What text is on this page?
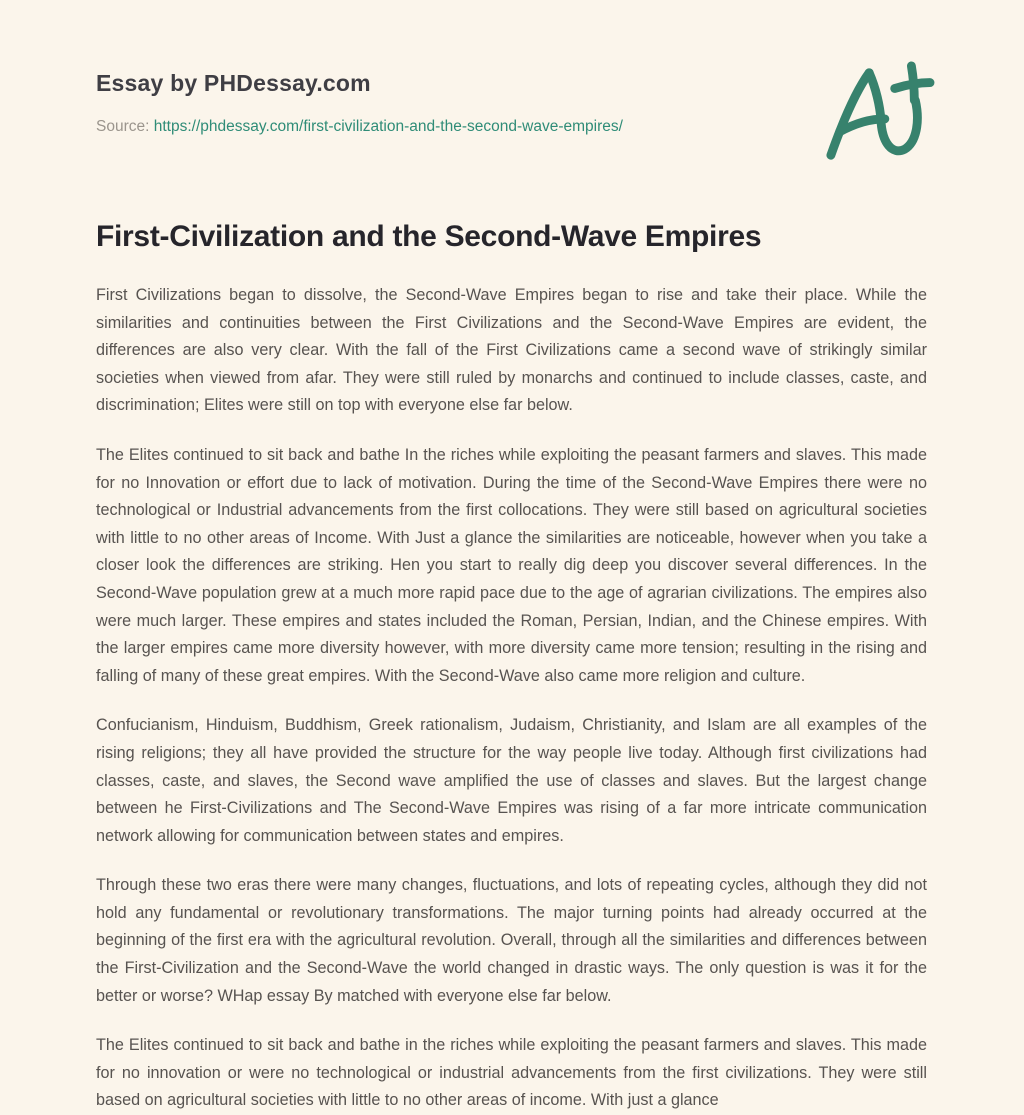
Essay by PHDessay.com
Source: https://phdessay.com/first-civilization-and-the-second-wave-empires/
First-Civilization and the Second-Wave Empires

First Civilizations began to dissolve, the Second-Wave Empires began to rise and take their place. While the similarities and continuities between the First Civilizations and the Second-Wave Empires are evident, the differences are also very clear. With the fall of the First Civilizations came a second wave of strikingly similar societies when viewed from afar. They were still ruled by monarchs and continued to include classes, caste, and discrimination; Elites were still on top with everyone else far below.

The Elites continued to sit back and bathe In the riches while exploiting the peasant farmers and slaves. This made for no Innovation or effort due to lack of motivation. During the time of the Second-Wave Empires there were no technological or Industrial advancements from the first collocations. They were still based on agricultural societies with little to no other areas of Income. With Just a glance the similarities are noticeable, however when you take a closer look the differences are striking. Hen you start to really dig deep you discover several differences. In the Second-Wave population grew at a much more rapid pace due to the age of agrarian civilizations. The empires also were much larger. These empires and states included the Roman, Persian, Indian, and the Chinese empires. With the larger empires came more diversity however, with more diversity came more tension; resulting in the rising and falling of many of these great empires. With the Second-Wave also came more religion and culture.

Confucianism, Hinduism, Buddhism, Greek rationalism, Judaism, Christianity, and Islam are all examples of the rising religions; they all have provided the structure for the way people live today. Although first civilizations had classes, caste, and slaves, the Second wave amplified the use of classes and slaves. But the largest change between he First-Civilizations and The Second-Wave Empires was rising of a far more intricate communication network allowing for communication between states and empires.

Through these two eras there were many changes, fluctuations, and lots of repeating cycles, although they did not hold any fundamental or revolutionary transformations. The major turning points had already occurred at the beginning of the first era with the agricultural revolution. Overall, through all the similarities and differences between the First-Civilization and the Second-Wave the world changed in drastic ways. The only question is was it for the better or worse? WHap essay By matched with everyone else far below.

The Elites continued to sit back and bathe in the riches while exploiting the peasant farmers and slaves. This made for no innovation or were no technological or industrial advancements from the first civilizations. They were still based on agricultural societies with little to no other areas of income. With just a glance
